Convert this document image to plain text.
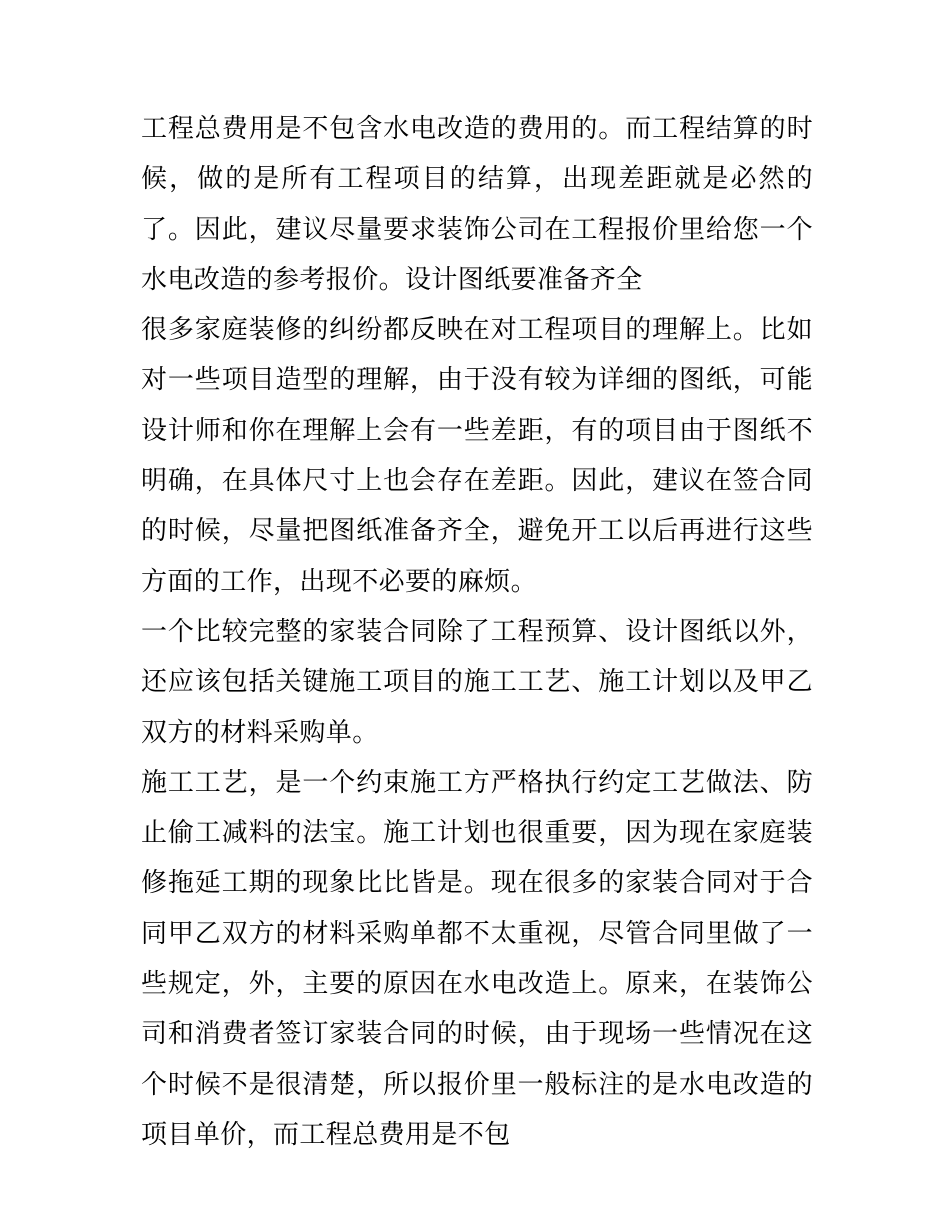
工程总费用是不包含水电改造的费用的。而工程结算的时候，做的是所有工程项目的结算，出现差距就是必然的了。因此，建议尽量要求装饰公司在工程报价里给您一个水电改造的参考报价。设计图纸要准备齐全

很多家庭装修的纠纷都反映在对工程项目的理解上。比如对一些项目造型的理解，由于没有较为详细的图纸，可能设计师和你在理解上会有一些差距，有的项目由于图纸不明确，在具体尺寸上也会存在差距。因此，建议在签合同的时候，尽量把图纸准备齐全，避免开工以后再进行这些方面的工作，出现不必要的麻烦。

一个比较完整的家装合同除了工程预算、设计图纸以外，还应该包括关键施工项目的施工工艺、施工计划以及甲乙双方的材料采购单。

施工工艺，是一个约束施工方严格执行约定工艺做法、防止偷工减料的法宝。施工计划也很重要，因为现在家庭装修拖延工期的现象比比皆是。现在很多的家装合同对于合同甲乙双方的材料采购单都不太重视，尽管合同里做了一些规定，外，主要的原因在水电改造上。原来，在装饰公司和消费者签订家装合同的时候，由于现场一些情况在这个时候不是很清楚，所以报价里一般标注的是水电改造的项目单价，而工程总费用是不包
